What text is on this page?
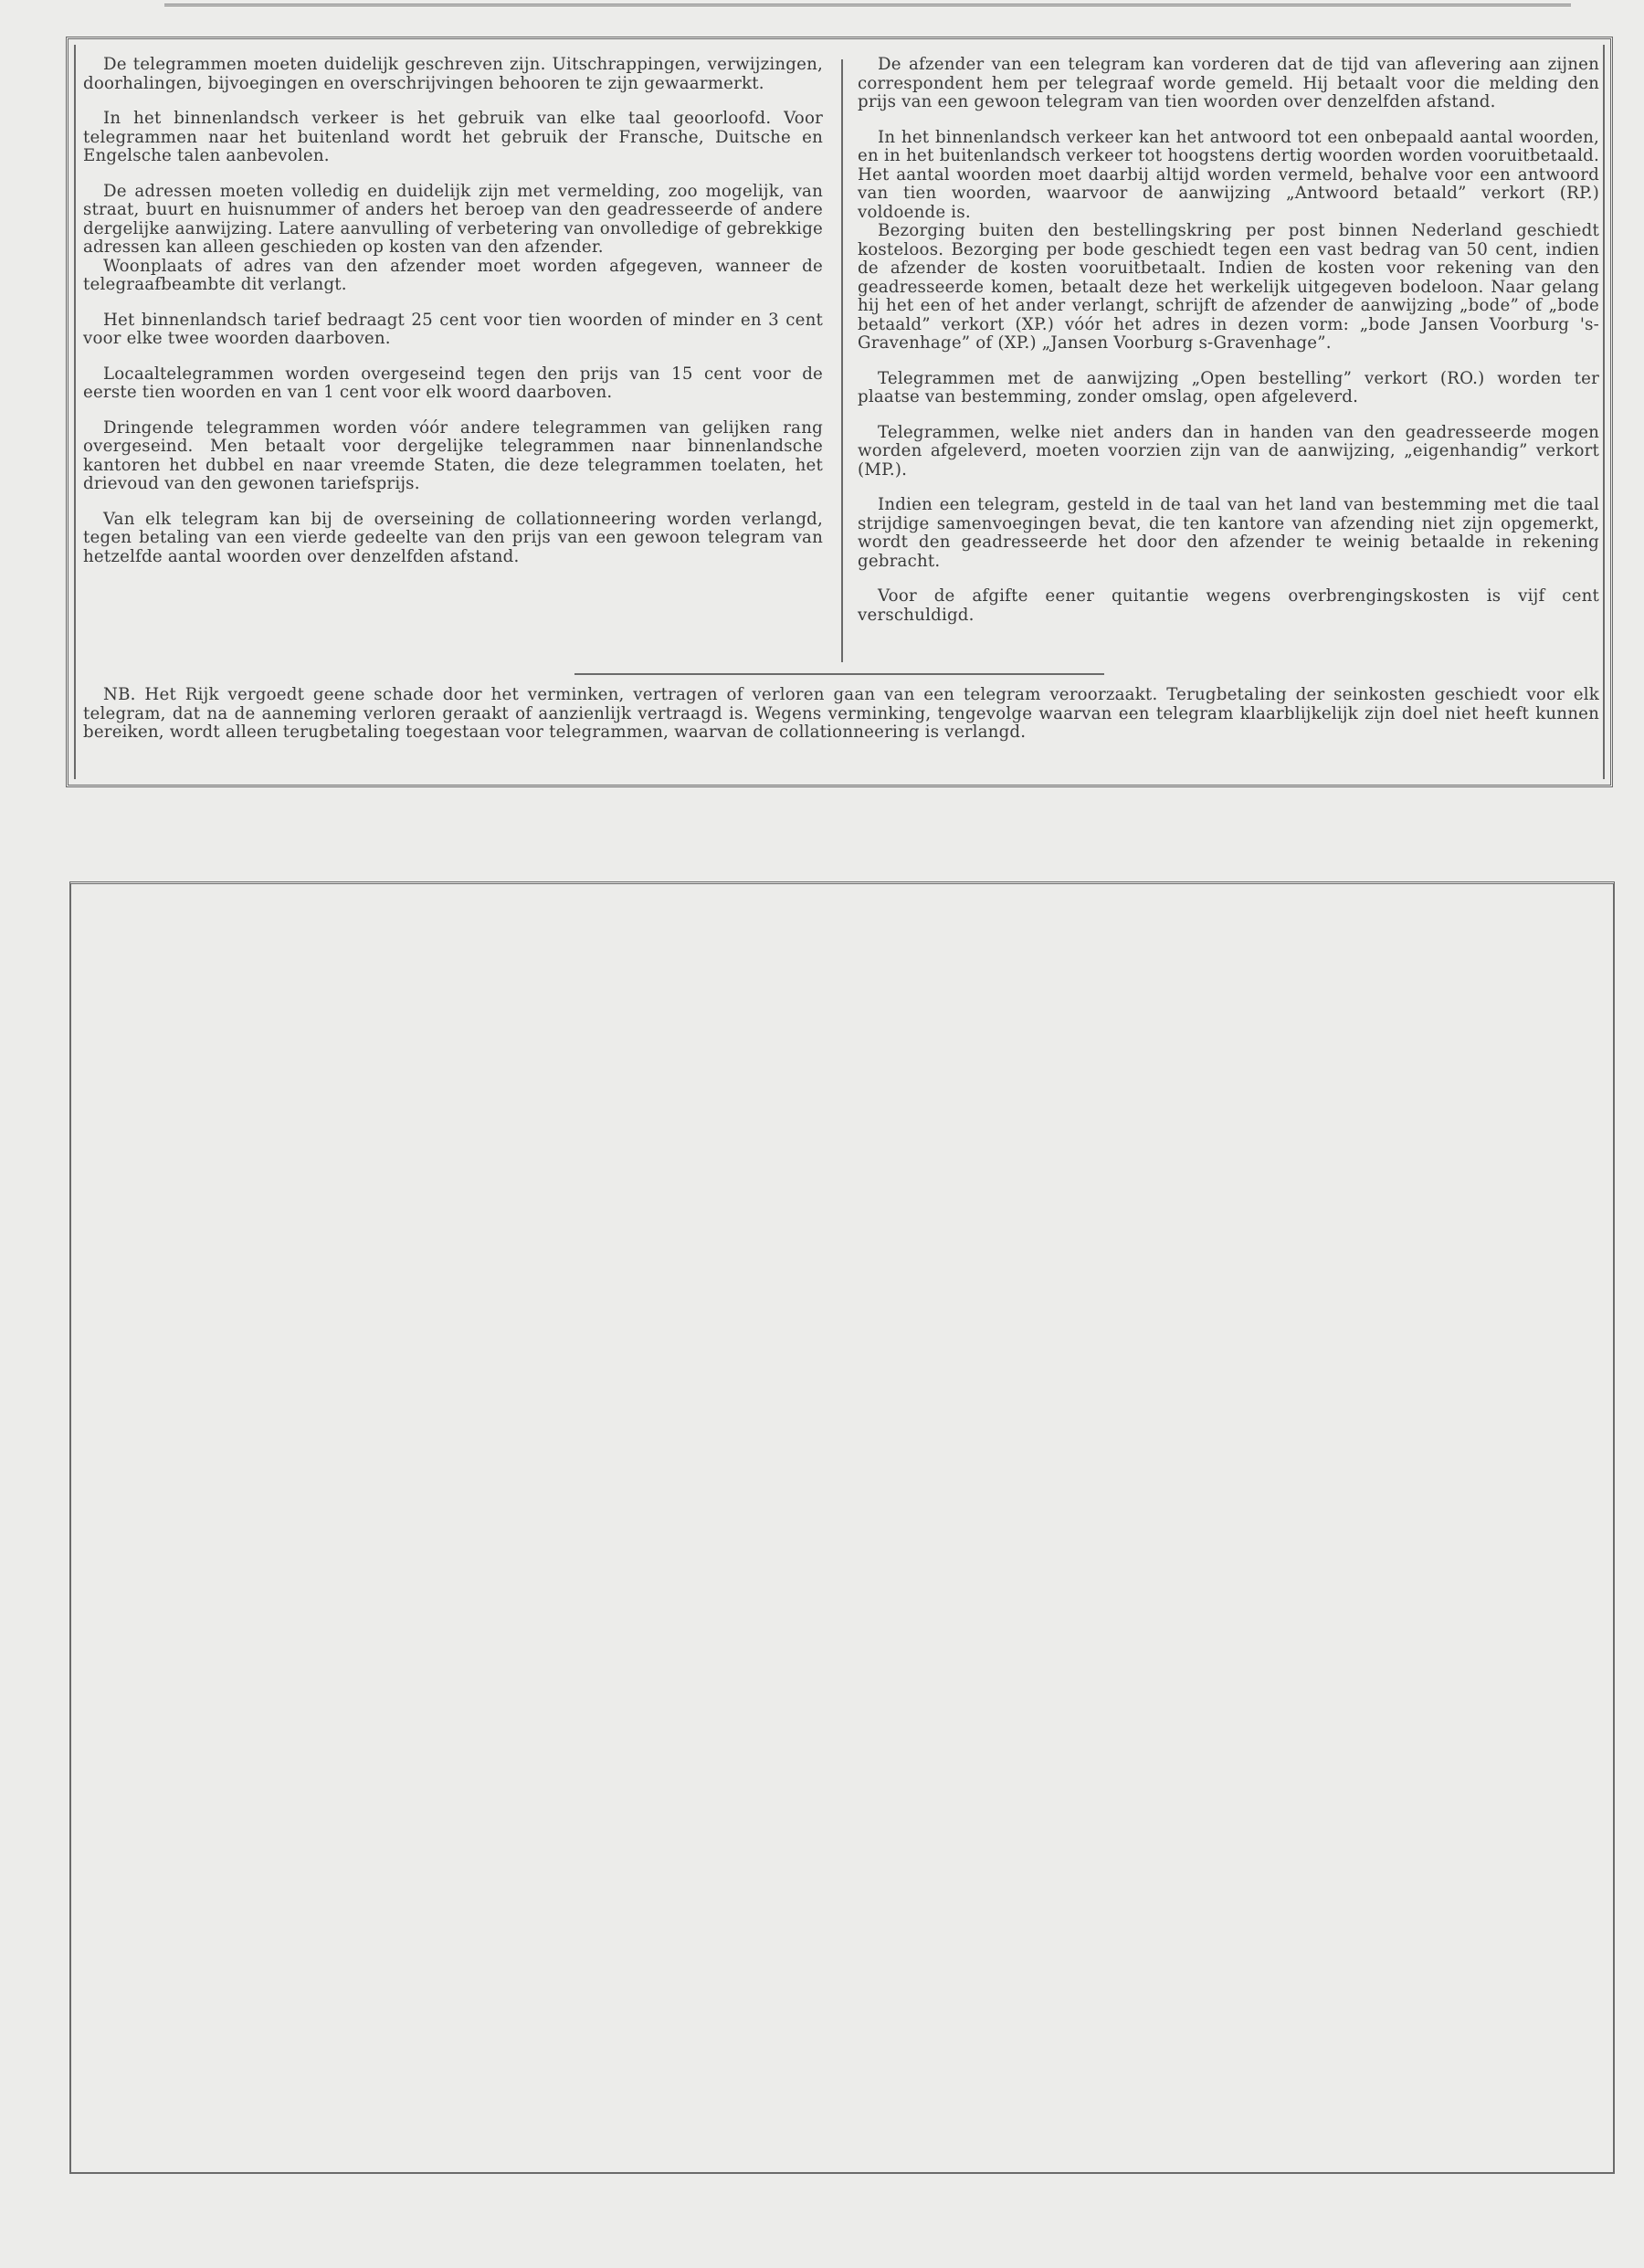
De telegrammen moeten duidelijk geschreven zijn. Uitschrappingen, verwijzingen, doorhalingen, bijvoegingen en overschrijvingen behooren te zijn gewaarmerkt.

In het binnenlandsch verkeer is het gebruik van elke taal geoorloofd. Voor telegrammen naar het buitenland wordt het gebruik der Fransche, Duitsche en Engelsche talen aanbevolen.

De adressen moeten volledig en duidelijk zijn met vermelding, zoo mogelijk, van straat, buurt en huisnummer of anders het beroep van den geadresseerde of andere dergelijke aanwijzing. Latere aanvulling of verbetering van onvolledige of gebrekkige adressen kan alleen geschieden op kosten van den afzender.

Woonplaats of adres van den afzender moet worden afgegeven, wanneer de telegraafbeambte dit verlangt.

Het binnenlandsch tarief bedraagt 25 cent voor tien woorden of minder en 3 cent voor elke twee woorden daarboven.

Locaaltelegrammen worden overgeseind tegen den prijs van 15 cent voor de eerste tien woorden en van 1 cent voor elk woord daarboven.

Dringende telegrammen worden vóór andere telegrammen van gelijken rang overgeseind. Men betaalt voor dergelijke telegrammen naar binnenlandsche kantoren het dubbel en naar vreemde Staten, die deze telegrammen toelaten, het drievoud van den gewonen tariefsprijs.

Van elk telegram kan bij de overseining de collationneering worden verlangd, tegen betaling van een vierde gedeelte van den prijs van een gewoon telegram van hetzelfde aantal woorden over denzelfden afstand.

De afzender van een telegram kan vorderen dat de tijd van aflevering aan zijnen correspondent hem per telegraaf worde gemeld. Hij betaalt voor die melding den prijs van een gewoon telegram van tien woorden over denzelfden afstand.

In het binnenlandsch verkeer kan het antwoord tot een onbepaald aantal woorden, en in het buitenlandsch verkeer tot hoogstens dertig woorden worden vooruitbetaald. Het aantal woorden moet daarbij altijd worden vermeld, behalve voor een antwoord van tien woorden, waarvoor de aanwijzing „Antwoord betaald” verkort (RP.) voldoende is.

Bezorging buiten den bestellingskring per post binnen Nederland geschiedt kosteloos. Bezorging per bode geschiedt tegen een vast bedrag van 50 cent, indien de afzender de kosten vooruitbetaalt. Indien de kosten voor rekening van den geadresseerde komen, betaalt deze het werkelijk uitgegeven bodeloon. Naar gelang hij het een of het ander verlangt, schrijft de afzender de aanwijzing „bode” of „bode betaald” verkort (XP.) vóór het adres in dezen vorm: „bode Jansen Voorburg 's-Gravenhage” of (XP.) „Jansen Voorburg s-Gravenhage”.

Telegrammen met de aanwijzing „Open bestelling” verkort (RO.) worden ter plaatse van bestemming, zonder omslag, open afgeleverd.

Telegrammen, welke niet anders dan in handen van den geadresseerde mogen worden afgeleverd, moeten voorzien zijn van de aanwijzing, „eigenhandig” verkort (MP.).

Indien een telegram, gesteld in de taal van het land van bestemming met die taal strijdige samenvoegingen bevat, die ten kantore van afzending niet zijn opgemerkt, wordt den geadresseerde het door den afzender te weinig betaalde in rekening gebracht.

Voor de afgifte eener quitantie wegens overbrengingskosten is vijf cent verschuldigd.

NB. Het Rijk vergoedt geene schade door het verminken, vertragen of verloren gaan van een telegram veroorzaakt. Terugbetaling der seinkosten geschiedt voor elk telegram, dat na de aanneming verloren geraakt of aanzienlijk vertraagd is. Wegens verminking, tengevolge waarvan een telegram klaarblijkelijk zijn doel niet heeft kunnen bereiken, wordt alleen terugbetaling toegestaan voor telegrammen, waarvan de collationneering is verlangd.
